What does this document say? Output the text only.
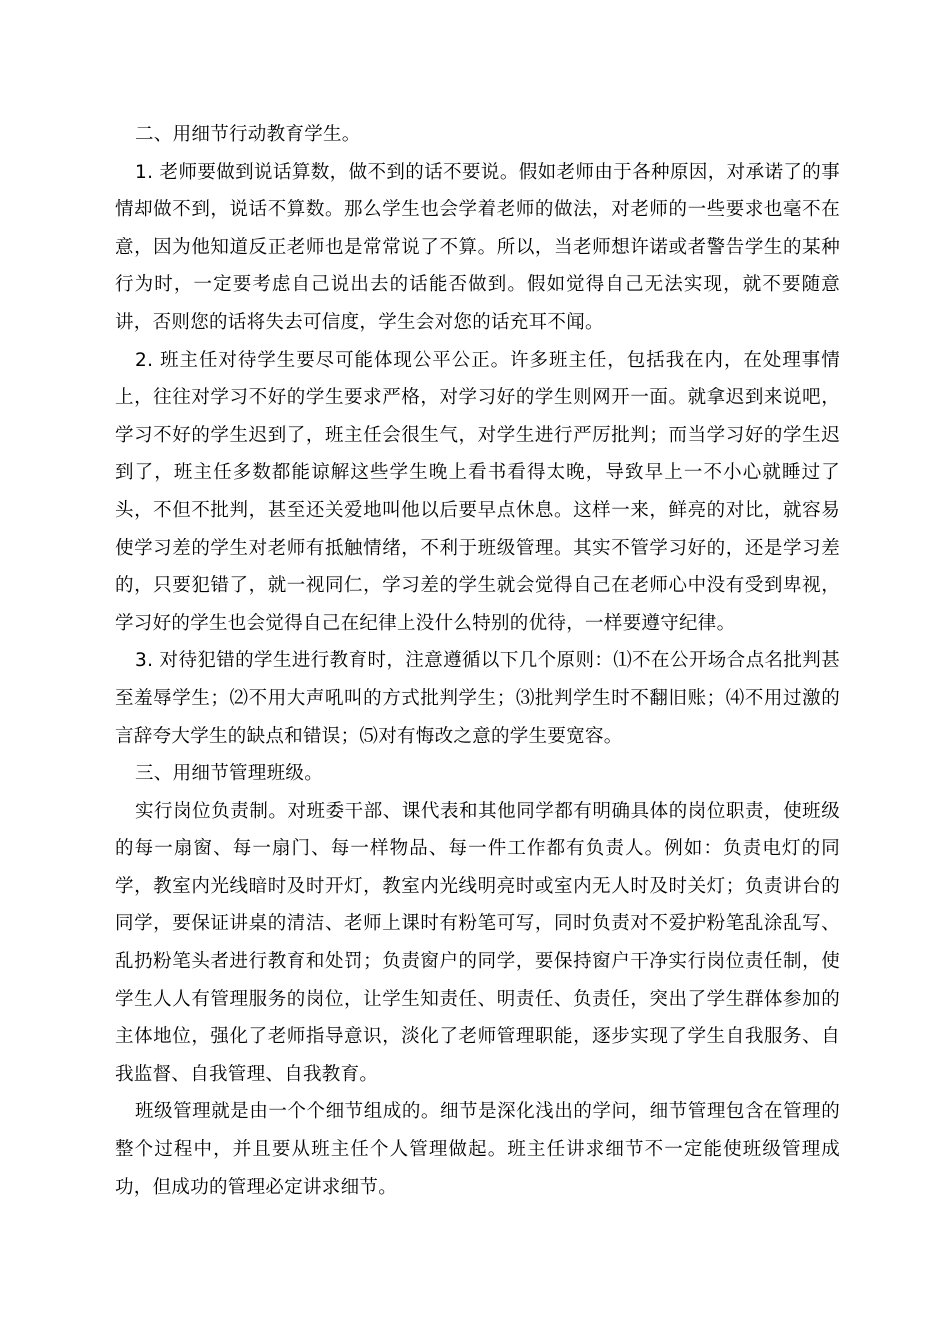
二、用细节行动教育学生。

1. 老师要做到说话算数，做不到的话不要说。假如老师由于各种原因，对承诺了的事情却做不到，说话不算数。那么学生也会学着老师的做法，对老师的一些要求也毫不在意，因为他知道反正老师也是常常说了不算。所以，当老师想许诺或者警告学生的某种行为时，一定要考虑自己说出去的话能否做到。假如觉得自己无法实现，就不要随意讲，否则您的话将失去可信度，学生会对您的话充耳不闻。

2. 班主任对待学生要尽可能体现公平公正。许多班主任，包括我在内，在处理事情上，往往对学习不好的学生要求严格，对学习好的学生则网开一面。就拿迟到来说吧，学习不好的学生迟到了，班主任会很生气，对学生进行严厉批判；而当学习好的学生迟到了，班主任多数都能谅解这些学生晚上看书看得太晚，导致早上一不小心就睡过了头，不但不批判，甚至还关爱地叫他以后要早点休息。这样一来，鲜亮的对比，就容易使学习差的学生对老师有抵触情绪，不利于班级管理。其实不管学习好的，还是学习差的，只要犯错了，就一视同仁，学习差的学生就会觉得自己在老师心中没有受到卑视，学习好的学生也会觉得自己在纪律上没什么特别的优待，一样要遵守纪律。

3. 对待犯错的学生进行教育时，注意遵循以下几个原则：⑴不在公开场合点名批判甚至羞辱学生；⑵不用大声吼叫的方式批判学生；⑶批判学生时不翻旧账；⑷不用过激的言辞夸大学生的缺点和错误；⑸对有悔改之意的学生要宽容。

三、用细节管理班级。

实行岗位负责制。对班委干部、课代表和其他同学都有明确具体的岗位职责，使班级的每一扇窗、每一扇门、每一样物品、每一件工作都有负责人。例如：负责电灯的同学，教室内光线暗时及时开灯，教室内光线明亮时或室内无人时及时关灯；负责讲台的同学，要保证讲桌的清洁、老师上课时有粉笔可写，同时负责对不爱护粉笔乱涂乱写、乱扔粉笔头者进行教育和处罚；负责窗户的同学，要保持窗户干净实行岗位责任制，使学生人人有管理服务的岗位，让学生知责任、明责任、负责任，突出了学生群体参加的主体地位，强化了老师指导意识，淡化了老师管理职能，逐步实现了学生自我服务、自我监督、自我管理、自我教育。

班级管理就是由一个个细节组成的。细节是深化浅出的学问，细节管理包含在管理的整个过程中，并且要从班主任个人管理做起。班主任讲求细节不一定能使班级管理成功，但成功的管理必定讲求细节。
